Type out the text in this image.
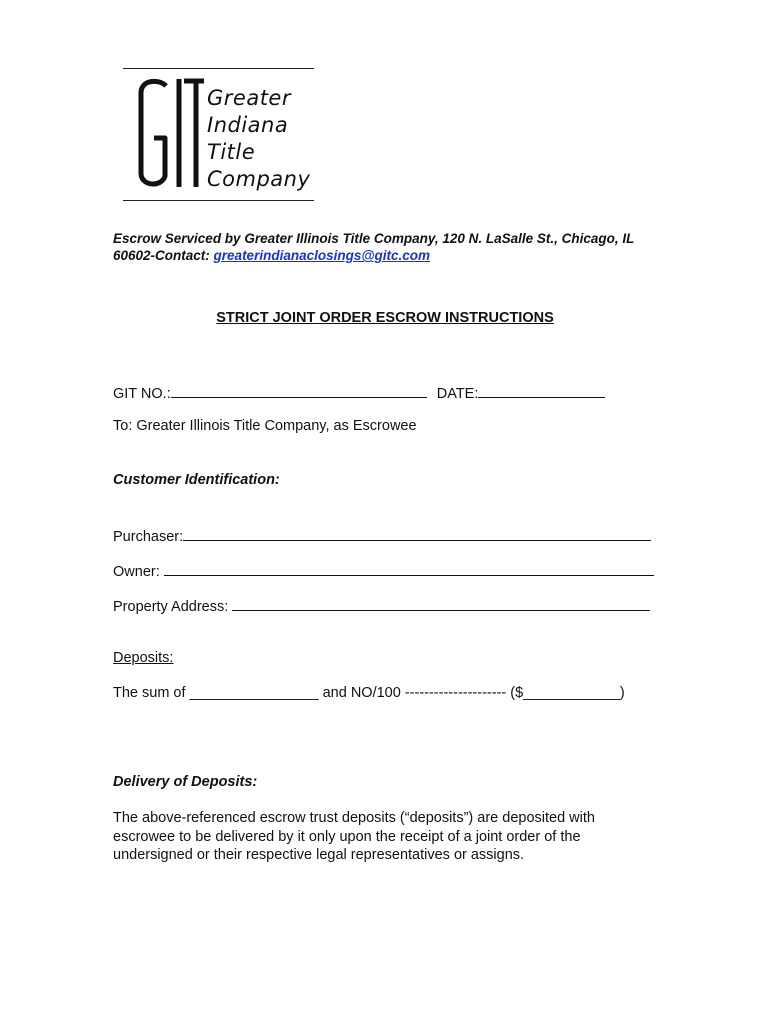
Greater
Indiana
Title
Company
Escrow Serviced by Greater Illinois Title Company, 120 N. LaSalle St., Chicago, IL
60602-Contact: greaterindianaclosings@gitc.com
STRICT JOINT ORDER ESCROW INSTRUCTIONS
GIT NO.:	DATE:
To: Greater Illinois Title Company, as Escrowee
Customer Identification:
Purchaser:
Owner:
Property Address:
Deposits:
The sum of ________________ and NO/100 --------------------- ($____________)
Delivery of Deposits:
The above-referenced escrow trust deposits (“deposits”) are deposited with escrowee to be delivered by it only upon the receipt of a joint order of the undersigned or their respective legal representatives or assigns.
